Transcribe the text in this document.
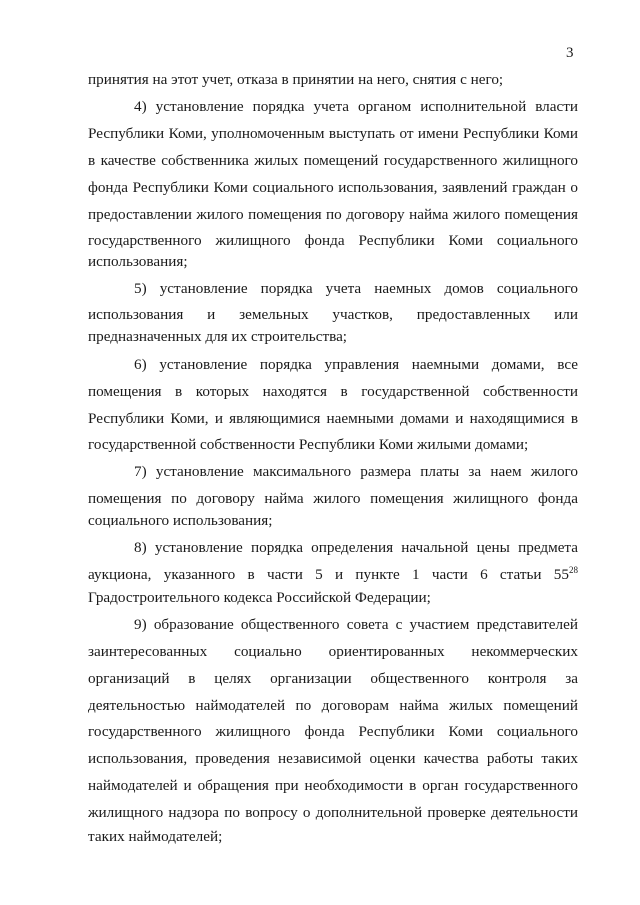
3
принятия на этот учет, отказа в принятии на него, снятия с него;
4) установление порядка учета органом исполнительной власти
Республики Коми, уполномоченным выступать от имени Республики Коми
в качестве собственника жилых помещений государственного жилищного
фонда Республики Коми социального использования, заявлений граждан о
предоставлении жилого помещения по договору найма жилого помещения
государственного жилищного фонда Республики Коми социального
использования;
5) установление порядка учета наемных домов социального
использования и земельных участков, предоставленных или
предназначенных для их строительства;
6) установление порядка управления наемными домами, все
помещения в которых находятся в государственной собственности
Республики Коми, и являющимися наемными домами и находящимися в
государственной собственности Республики Коми жилыми домами;
7) установление максимального размера платы за наем жилого
помещения по договору найма жилого помещения жилищного фонда
социального использования;
8) установление порядка определения начальной цены предмета
аукциона, указанного в части 5 и пункте 1 части 6 статьи $55^{28}$
Градостроительного кодекса Российской Федерации;
9) образование общественного совета с участием представителей
заинтересованных социально ориентированных некоммерческих
организаций в целях организации общественного контроля за
деятельностью наймодателей по договорам найма жилых помещений
государственного жилищного фонда Республики Коми социального
использования, проведения независимой оценки качества работы таких
наймодателей и обращения при необходимости в орган государственного
жилищного надзора по вопросу о дополнительной проверке деятельности
таких наймодателей;
